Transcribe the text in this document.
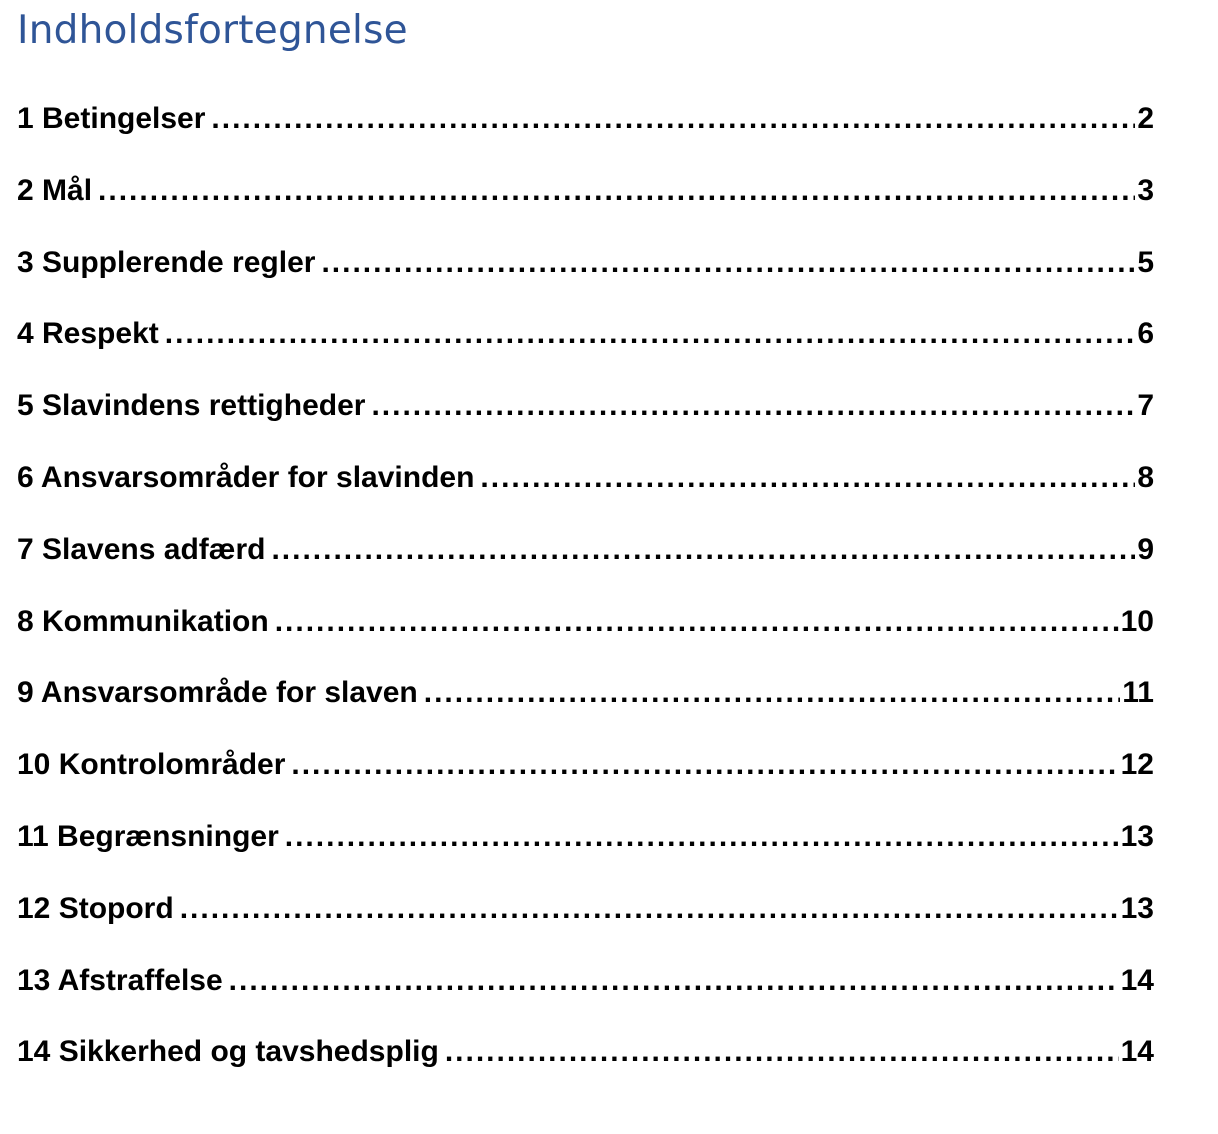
Indholdsfortegnelse
1 Betingelser .....	2
2 Mål .....	3
3 Supplerende regler .....	5
4 Respekt .....	6
5 Slavindens rettigheder .....	7
6 Ansvarsområder for slavinden .....	8
7 Slavens adfærd .....	9
8 Kommunikation .....	10
9 Ansvarsområde for slaven .....	11
10 Kontrolområder .....	12
11 Begrænsninger .....	13
12 Stopord .....	13
13 Afstraffelse .....	14
14 Sikkerhed og tavshedsplig .....	14
